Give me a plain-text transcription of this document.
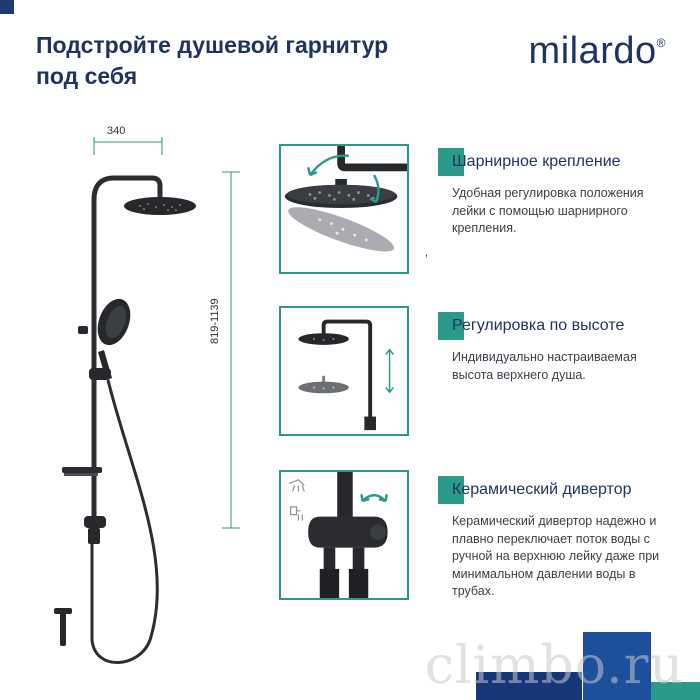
Подстройте душевой гарнитур
под себя
milardo®
340
819-1139
,
Шарнирное крепление
Удобная регулировка положения лейки с помощью шарнирного крепления.
Регулировка по высоте
Индивидуально настраиваемая высота верхнего душа.
Керамический дивертор
Керамический дивертор надежно и плавно переключает поток воды с ручной на верхнюю лейку даже при минимальном давлении воды в трубах.
climbo.ru
